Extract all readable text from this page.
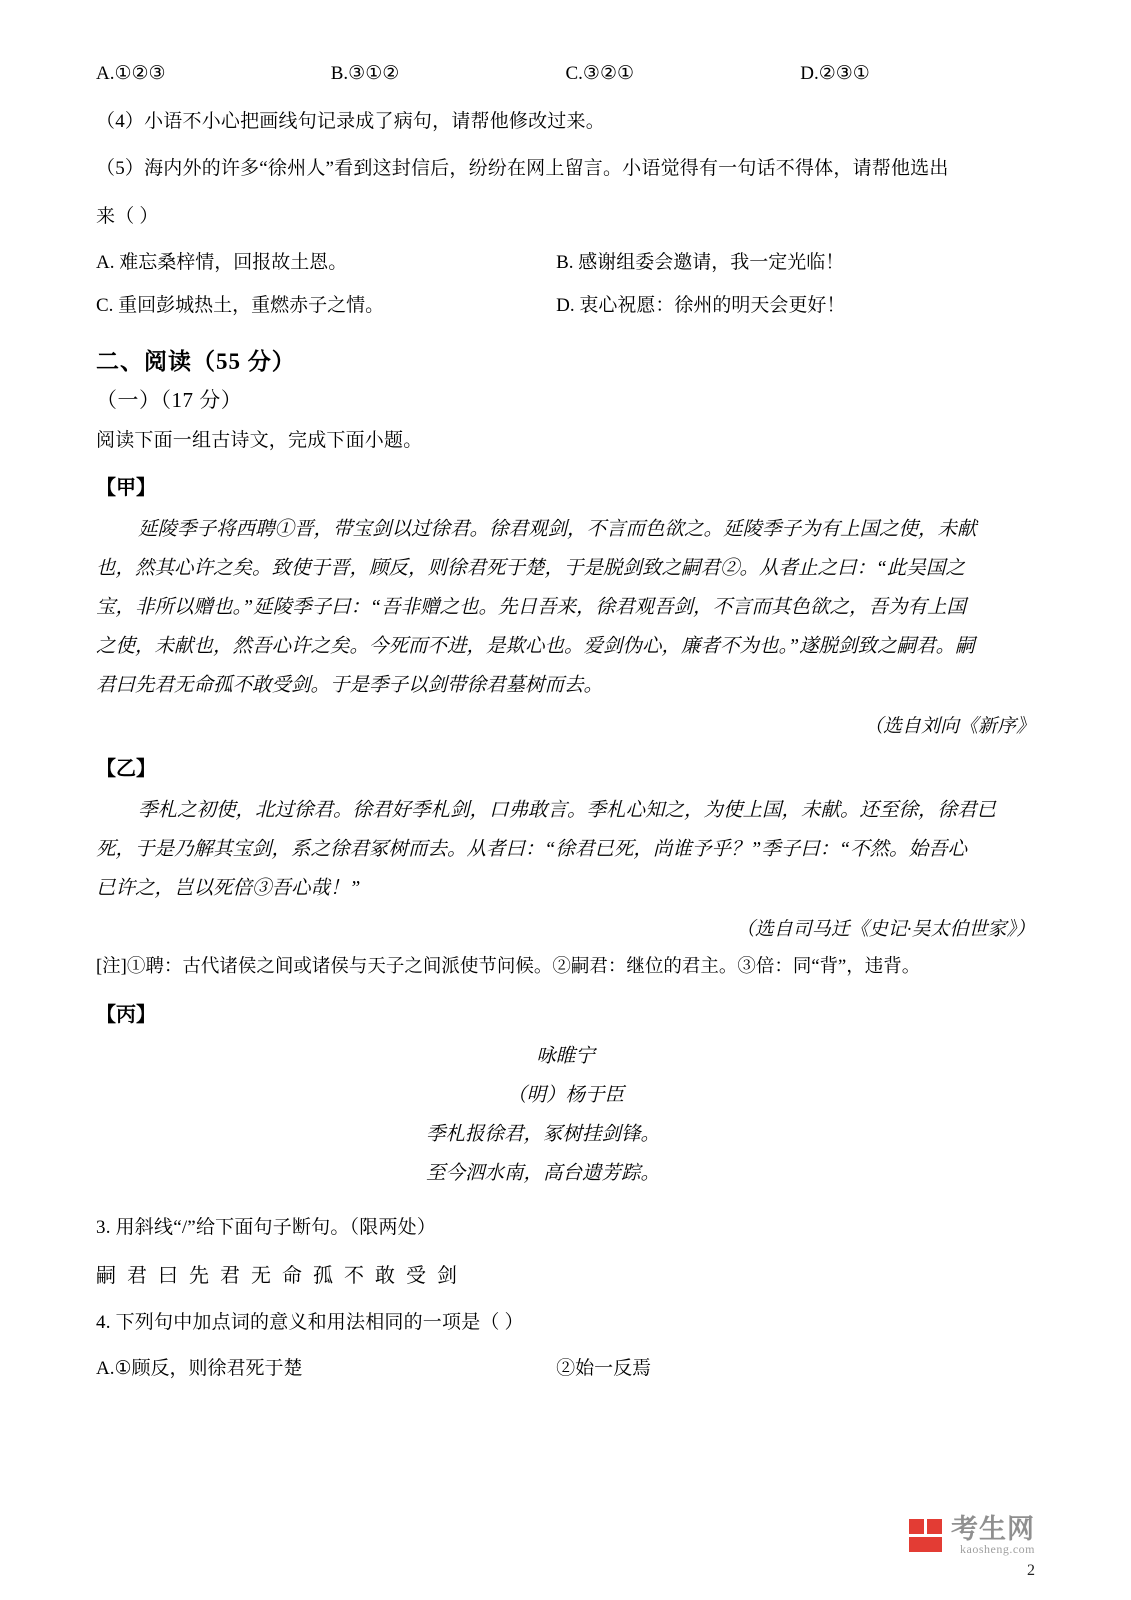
A.①②③	B.③①②	C.③②①	D.②③①

（4）小语不小心把画线句记录成了病句，请帮他修改过来。

（5）海内外的许多“徐州人”看到这封信后，纷纷在网上留言。小语觉得有一句话不得体，请帮他选出

来（ ）

A. 难忘桑梓情，回报故土恩。	B. 感谢组委会邀请，我一定光临！
C. 重回彭城热土，重燃赤子之情。	D. 衷心祝愿：徐州的明天会更好！
二、阅读（55 分）
（一）（17 分）

阅读下面一组古诗文，完成下面小题。

【甲】
延陵季子将西聘①晋，带宝剑以过徐君。徐君观剑，不言而色欲之。延陵季子为有上国之使，未献
也，然其心许之矣。致使于晋，顾反，则徐君死于楚，于是脱剑致之嗣君②。从者止之曰：“此吴国之
宝，非所以赠也。”延陵季子曰：“吾非赠之也。先日吾来，徐君观吾剑，不言而其色欲之，吾为有上国
之使，未献也，然吾心许之矣。今死而不进，是欺心也。爱剑伪心，廉者不为也。”遂脱剑致之嗣君。嗣
君曰先君无命孤不敢受剑。于是季子以剑带徐君墓树而去。
（选自刘向《新序》
【乙】
季札之初使，北过徐君。徐君好季札剑，口弗敢言。季札心知之，为使上国，未献。还至徐，徐君已
死，于是乃解其宝剑，系之徐君冢树而去。从者曰：“徐君已死，尚谁予乎？”季子曰：“不然。始吾心
已许之，岂以死倍③吾心哉！”
（选自司马迁《史记·吴太伯世家》）
[注]①聘：古代诸侯之间或诸侯与天子之间派使节问候。②嗣君：继位的君主。③倍：同“背”，违背。
【丙】

咏睢宁

（明）杨于臣

季札报徐君，冢树挂剑锋。

至今泗水南，高台遗芳踪。

3. 用斜线“/”给下面句子断句。（限两处）

嗣君曰先君无命孤不敢受剑

4. 下列句中加点词的意义和用法相同的一项是（ ）

A.①顾反，则徐君死于楚	②始一反焉
考生网
kaosheng.com
2
